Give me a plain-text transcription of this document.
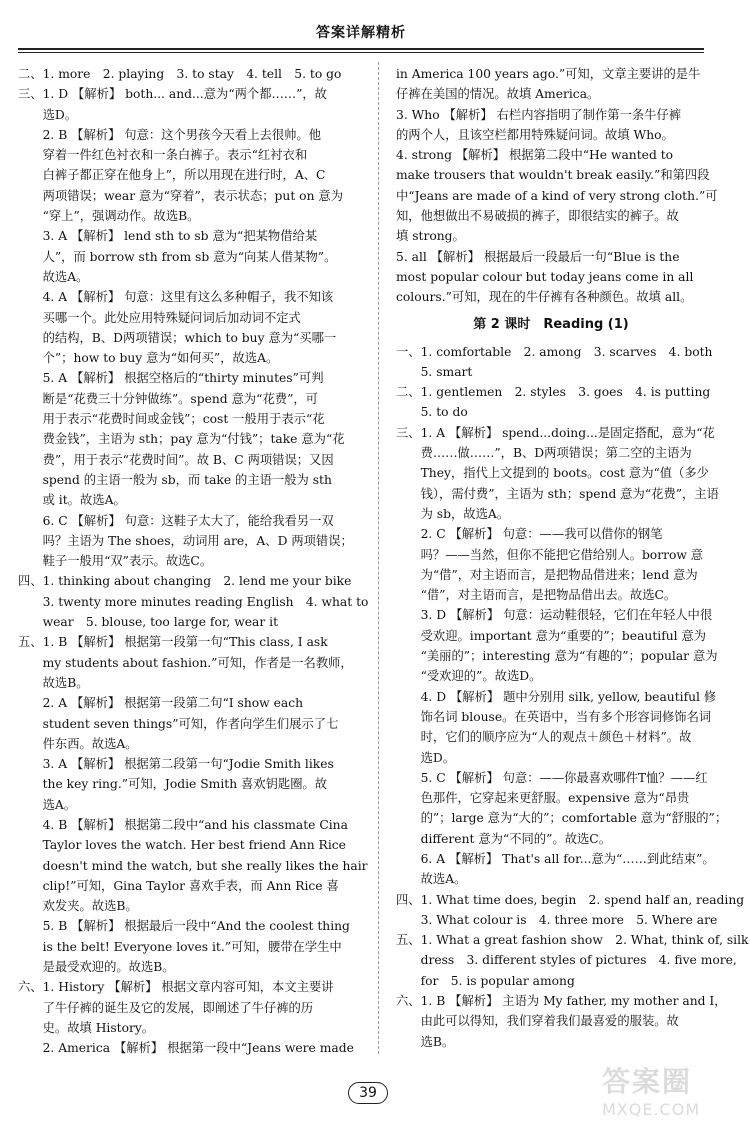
答案详解精析
二、1. more　2. playing　3. to stay　4. tell　5. to go
三、1. D 【解析】 both... and...意为“两个都……”，故
　　选D。
　　2. B 【解析】 句意：这个男孩今天看上去很帅。他
　　穿着一件红色衬衣和一条白裤子。表示“红衬衣和
　　白裤子都正穿在他身上”，所以用现在进行时，A、C
　　两项错误；wear 意为“穿着”，表示状态；put on 意为
　　“穿上”，强调动作。故选B。
　　3. A 【解析】 lend sth to sb 意为“把某物借给某
　　人”，而 borrow sth from sb 意为“向某人借某物”。
　　故选A。
　　4. A 【解析】 句意：这里有这么多种帽子，我不知该
　　买哪一个。此处应用特殊疑问词后加动词不定式
　　的结构，B、D两项错误；which to buy 意为“买哪一
　　个”；how to buy 意为“如何买”，故选A。
　　5. A 【解析】 根据空格后的“thirty minutes”可判
　　断是“花费三十分钟做练”。spend 意为“花费”，可
　　用于表示“花费时间或金钱”；cost 一般用于表示“花
　　费金钱”，主语为 sth；pay 意为“付钱”；take 意为“花
　　费”，用于表示“花费时间”。故 B、C 两项错误；又因
　　spend 的主语一般为 sb，而 take 的主语一般为 sth
　　或 it。故选A。
　　6. C 【解析】 句意：这鞋子太大了，能给我看另一双
　　吗？主语为 The shoes，动词用 are，A、D 两项错误；
　　鞋子一般用“双”表示。故选C。
四、1. thinking about changing　2. lend me your bike
　　3. twenty more minutes reading English　4. what to
　　wear　5. blouse, too large for, wear it
五、1. B 【解析】 根据第一段第一句“This class, I ask
　　my students about fashion.”可知，作者是一名教师，
　　故选B。
　　2. A 【解析】 根据第一段第二句“I show each
　　student seven things”可知，作者向学生们展示了七
　　件东西。故选A。
　　3. A 【解析】 根据第二段第一句“Jodie Smith likes
　　the key ring.”可知，Jodie Smith 喜欢钥匙圈。故
　　选A。
　　4. B 【解析】 根据第二段中“and his classmate Cina
　　Taylor loves the watch. Her best friend Ann Rice
　　doesn't mind the watch, but she really likes the hair
　　clip!”可知，Gina Taylor 喜欢手表，而 Ann Rice 喜
　　欢发夹。故选B。
　　5. B 【解析】 根据最后一段中“And the coolest thing
　　is the belt! Everyone loves it.”可知，腰带在学生中
　　是最受欢迎的。故选B。
六、1. History 【解析】 根据文章内容可知，本文主要讲
　　了牛仔裤的诞生及它的发展，即阐述了牛仔裤的历
　　史。故填 History。
　　2. America 【解析】 根据第一段中“Jeans were made
in America 100 years ago.”可知，文章主要讲的是牛
仔裤在美国的情况。故填 America。
3. Who 【解析】 右栏内容指明了制作第一条牛仔裤
的两个人，且该空栏都用特殊疑问词。故填 Who。
4. strong 【解析】 根据第二段中“He wanted to
make trousers that wouldn't break easily.”和第四段
中“Jeans are made of a kind of very strong cloth.”可
知，他想做出不易破损的裤子，即很结实的裤子。故
填 strong。
5. all 【解析】 根据最后一段最后一句“Blue is the
most popular colour but today jeans come in all
colours.”可知，现在的牛仔裤有各种颜色。故填 all。
第 2 课时　Reading (1)
一、1. comfortable　2. among　3. scarves　4. both
　　5. smart
二、1. gentlemen　2. styles　3. goes　4. is putting
　　5. to do
三、1. A 【解析】 spend...doing...是固定搭配，意为“花
　　费……做……”，B、D两项错误；第二空的主语为
　　They，指代上文提到的 boots。cost 意为“值（多少
　　钱），需付费”，主语为 sth；spend 意为“花费”，主语
　　为 sb，故选A。
　　2. C 【解析】 句意：——我可以借你的钢笔
　　吗？——当然，但你不能把它借给别人。borrow 意
　　为“借”，对主语而言，是把物品借进来；lend 意为
　　“借”，对主语而言，是把物品借出去。故选C。
　　3. D 【解析】 句意：运动鞋很轻，它们在年轻人中很
　　受欢迎。important 意为“重要的”；beautiful 意为
　　“美丽的”；interesting 意为“有趣的”；popular 意为
　　“受欢迎的”。故选D。
　　4. D 【解析】 题中分别用 silk, yellow, beautiful 修
　　饰名词 blouse。在英语中，当有多个形容词修饰名词
　　时，它们的顺序应为“人的观点＋颜色＋材料”。故
　　选D。
　　5. C 【解析】 句意：——你最喜欢哪件T恤？——红
　　色那件，它穿起来更舒服。expensive 意为“昂贵
　　的”；large 意为“大的”；comfortable 意为“舒服的”；
　　different 意为“不同的”。故选C。
　　6. A 【解析】 That's all for...意为“……到此结束”。
　　故选A。
四、1. What time does, begin　2. spend half an, reading
　　3. What colour is　4. three more　5. Where are
五、1. What a great fashion show　2. What, think of, silk
　　dress　3. different styles of pictures　4. five more,
　　for　5. is popular among
六、1. B 【解析】 主语为 My father, my mother and I，
　　由此可以得知，我们穿着我们最喜爱的服装。故
　　选B。
39	答案圈
MXQE.COM
